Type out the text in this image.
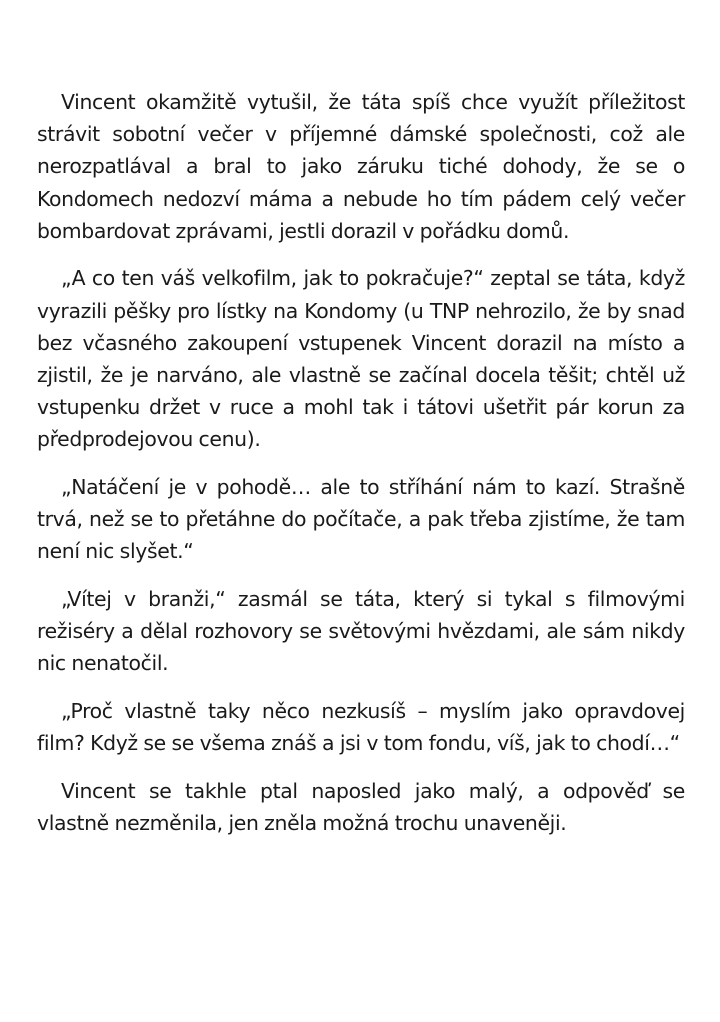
Vincent okamžitě vytušil, že táta spíš chce využít příležitost strávit sobotní večer v příjemné dámské společnosti, což ale nerozpatlával a bral to jako záruku tiché dohody, že se o Kondomech nedozví máma a nebude ho tím pádem celý večer bombardovat zprávami, jestli dorazil v pořádku domů.

„A co ten váš velkofilm, jak to pokračuje?“ zeptal se táta, když vyrazili pěšky pro lístky na Kondomy (u TNP nehrozilo, že by snad bez včasného zakoupení vstupenek Vincent dorazil na místo a zjistil, že je narváno, ale vlastně se začínal docela těšit; chtěl už vstupenku držet v ruce a mohl tak i tátovi ušetřit pár korun za předprodejovou cenu).

„Natáčení je v pohodě… ale to stříhání nám to kazí. Strašně trvá, než se to přetáhne do počítače, a pak třeba zjistíme, že tam není nic slyšet.“

„Vítej v branži,“ zasmál se táta, který si tykal s filmovými režiséry a dělal rozhovory se světovými hvězdami, ale sám nikdy nic nenatočil.

„Proč vlastně taky něco nezkusíš – myslím jako opravdovej film? Když se se všema znáš a jsi v tom fondu, víš, jak to chodí…“

Vincent se takhle ptal naposled jako malý, a odpověď se vlastně nezměnila, jen zněla možná trochu unaveněji.
